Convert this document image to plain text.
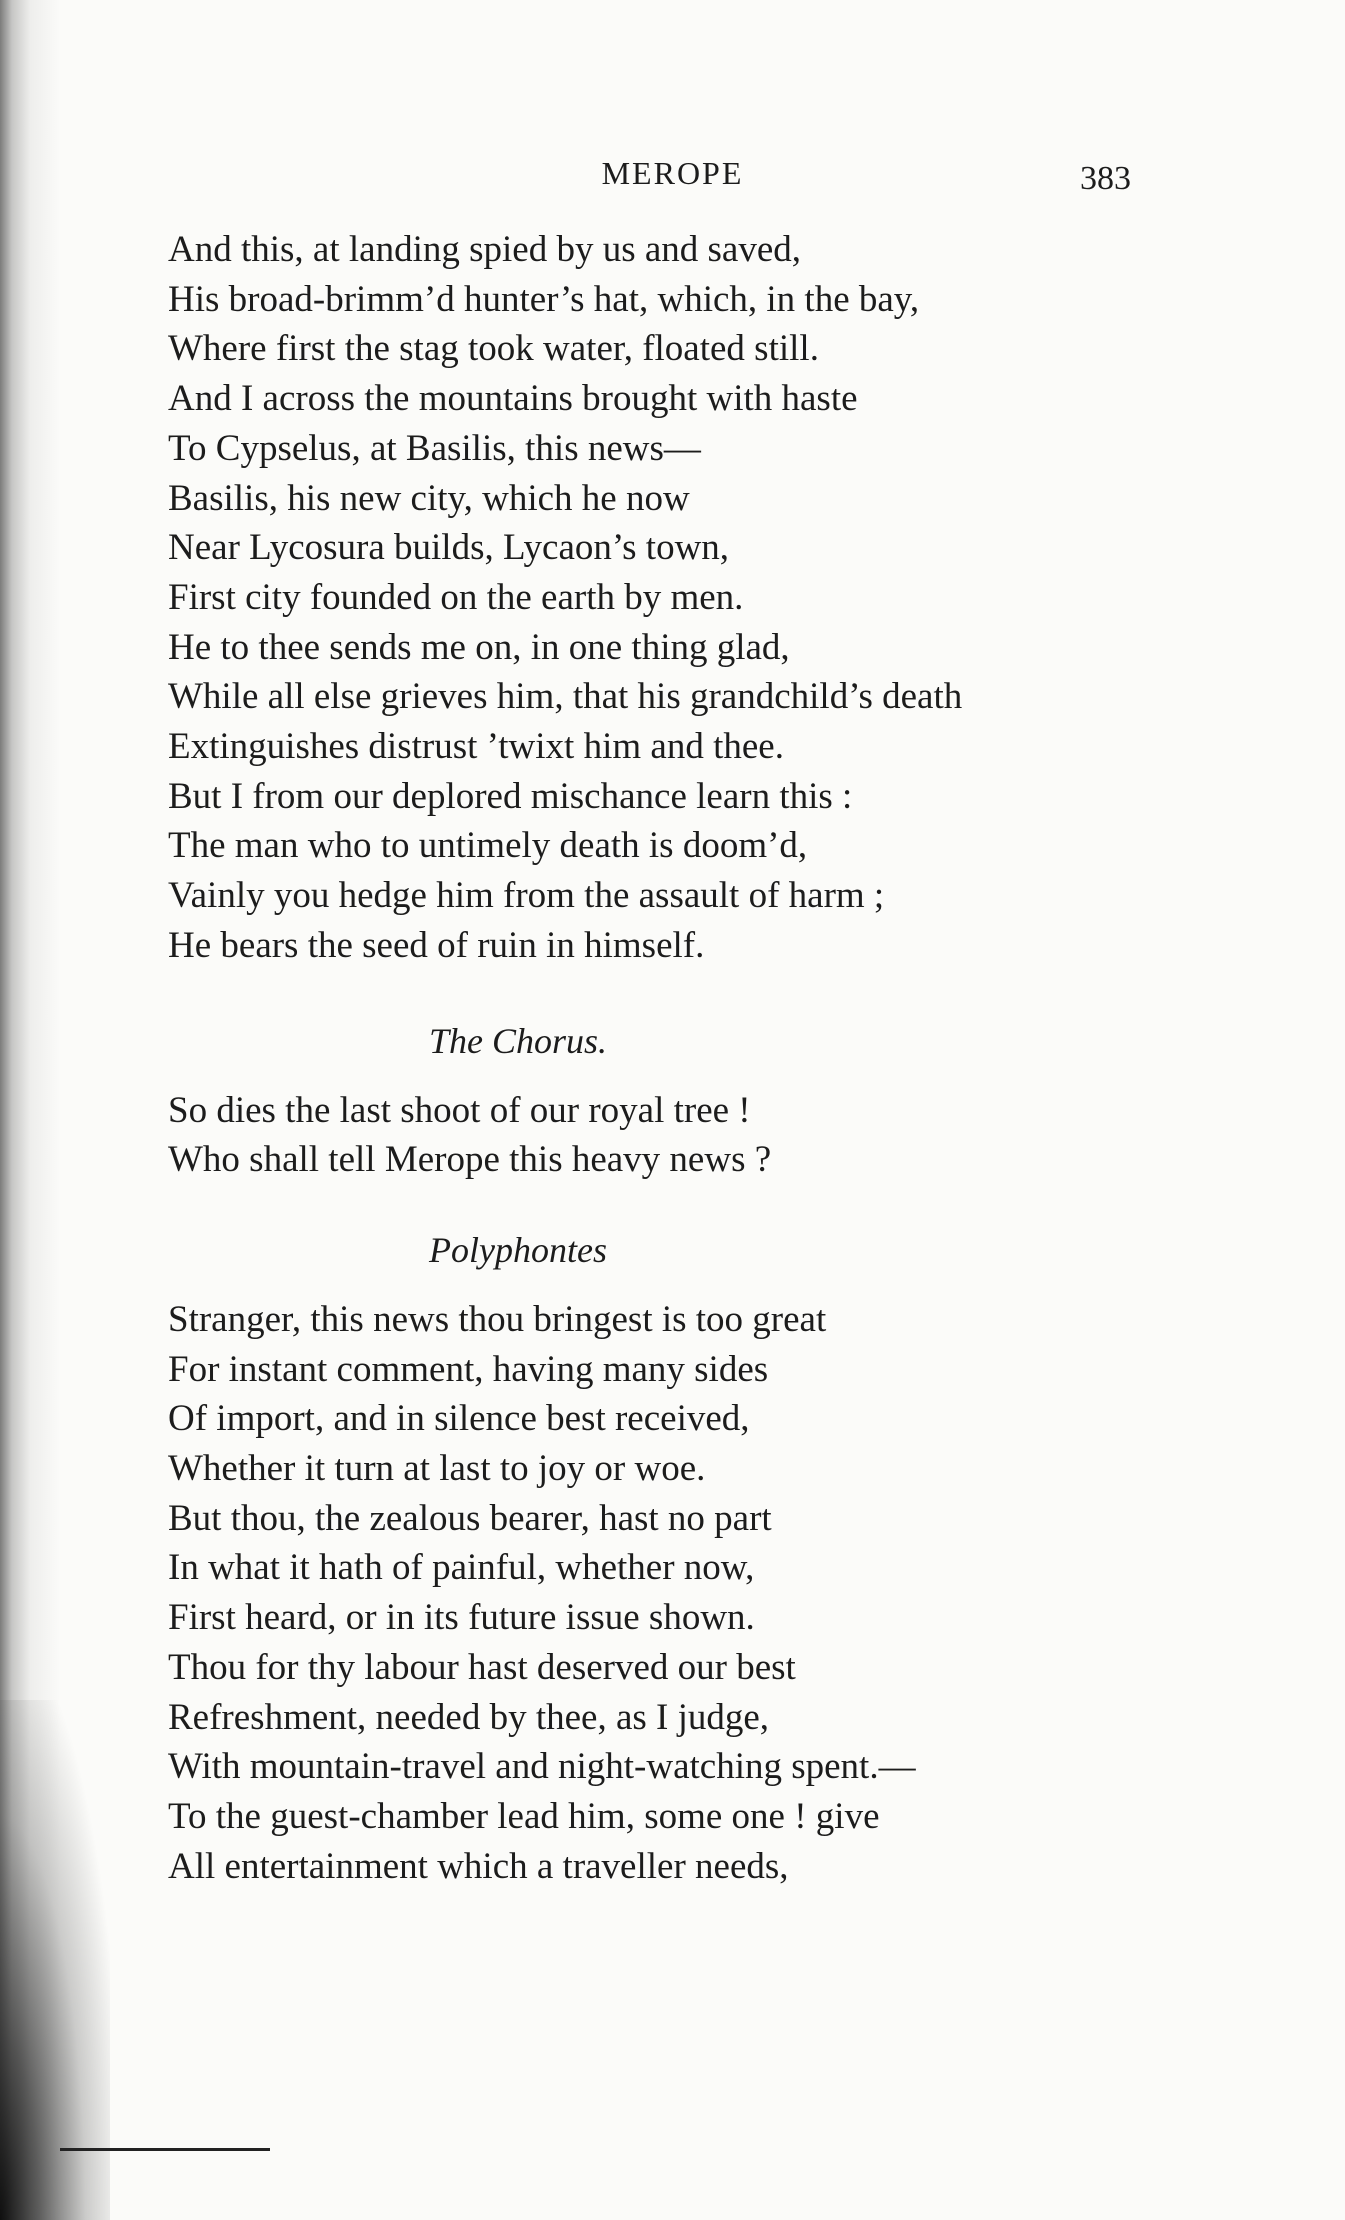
MEROPE	383
And this, at landing spied by us and saved,
His broad-brimm’d hunter’s hat, which, in the bay,
Where first the stag took water, floated still.
And I across the mountains brought with haste
To Cypselus, at Basilis, this news—
Basilis, his new city, which he now
Near Lycosura builds, Lycaon’s town,
First city founded on the earth by men.
He to thee sends me on, in one thing glad,
While all else grieves him, that his grandchild’s death
Extinguishes distrust ’twixt him and thee.
But I from our deplored mischance learn this :
The man who to untimely death is doom’d,
Vainly you hedge him from the assault of harm ;
He bears the seed of ruin in himself.

The Chorus.

So dies the last shoot of our royal tree !
Who shall tell Merope this heavy news ?

Polyphontes

Stranger, this news thou bringest is too great
For instant comment, having many sides
Of import, and in silence best received,
Whether it turn at last to joy or woe.
But thou, the zealous bearer, hast no part
In what it hath of painful, whether now,
First heard, or in its future issue shown.
Thou for thy labour hast deserved our best
Refreshment, needed by thee, as I judge,
With mountain-travel and night-watching spent.—
To the guest-chamber lead him, some one ! give
All entertainment which a traveller needs,
